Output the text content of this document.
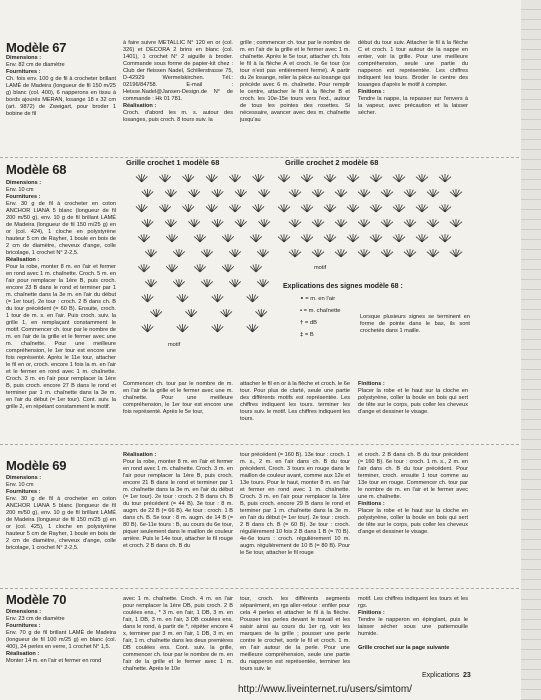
Modèle 67
Dimensions :
Env. 82 cm de diamètre
Fournitures :
Ch. fois env. 100 g de fil à crocheter brillant LAMÉ de Madeira (longueur de fil 150 m/25 g) blanc (col. 400), 6 napperons en tissu à bords ajourés MERAN, losange 18 x 32 cm (art. 9872) de Zweigart, pour broder 1 bobine de fil
à faire suivre METALLIC N° 120 en or (col. 326) et DECORA 2 brins en blanc (col. 1401), 1 crochet N° 2 aiguille à broder. Commande sous forme de papier-kit chez : Club der fleissen Nadel, Schillerstrasse 75, D-42929 Wermelskirchen. Tél.: 02196/84758. E-mail : Heisse.Nadel@Jansen-Design.de N° de commande : Hk 01 781.
Réalisation :
Croch. d'abord les m. s. autour des losanges, puis croch. 8 tours suiv. la
grille ; commencer ch. tour par le nombre de m. en l'air de la grille et le fermer avec 1 m. chaînette. Après le 5e tour, attacher ch. fois le fil à la flèche A et croch. le 6e tour (ce tour n'est pas entièrement fermé). A partir du 2e losange, relier la pièce au losange qui précède avec 6 m. chaînette. Pour remplir le centre, attacher le fil à la flèche B et croch. les 10e-15e tours vers l'ext., autour de tous les pointes des rosettes. Si nécessaire, avancer avec des m. chaînette jusqu'au
début du tour suiv. Attacher le fil à la flèche C et croch. 1 tour autour de la nappe en entier, voir la grille. Pour une meilleure compréhension, seule une partie du napperon est représentée. Les chiffres indiquent les tours. Broder le centre des losanges d'après le motif à compter.
Finitions :
Tendre la nappe, la repasser sur l'envers à la vapeur, avec précaution et la laisser sécher.
Modèle 68
Dimensions :
Env. 10 cm
Fournitures :
Env. 30 g de fil à crocheter en coton ANCHOR LIANA 5 blanc (longueur de fil 200 m/50 g), env. 10 g de fil brillant LAMÉ de Madeira (longueur de fil 150 m/25 g) en or (col. 424), 1 cloche en polystyrène hauteur 5 cm de Rayher, 1 boule en bois de 2 cm de diamètre, cheveux d'ange, colle bricolage, 1 crochet N° 2-2,5.
Réalisation :
Pour la robe, monter 8 m. en l'air et fermer en rond avec 1 m. chaînette. Croch. 5 m. en l'air pour remplacer la 1ère B, puis croch. encore 23 B dans le rond et terminer par 1 m. chaînette dans la 3e m. en l'air du début (= 1er tour). 2e tour : croch. 2 B dans ch. B du tour précédent (= 60 B). Ensuite, croch. 1 tour de m. s. en l'air. Puis croch. suiv. la grille 1, en remplaçant constamment le motif. Commencer ch. tour par le nombre de m. en l'air de la grille et le fermer avec une m. chaînette. Pour une meilleure compréhension, le 1er tour est encore une fois représenté. Après le 11e tour, attacher le fil en or, croch. encore 1 fois la m. en l'air et le fermer en rond avec 1 m. chaînette. Croch. 3 m. en l'air pour remplacer la 1ère B, puis croch. encore 27 B dans le rond et terminer par 1 m. chaînette dans la 3e m. en l'air du début (= 1er tour). Cont. suiv. la grille 2, en répétant constamment le motif.
Grille crochet 1 modèle 68
motif
Grille crochet 2 modèle 68
motif
Explications des signes modèle 68 :
∘ = m. en l'air
• = m. chaînette
† = dB
‡ = B
Lorsque plusieurs signes se terminent en forme de pointe dans le bas, ils sont crochetés dans 1 maille.
Commencer ch. tour par le nombre de m. en l'air de la grille et le fermer avec une m. chaînette. Pour une meilleure compréhension, le 1er tour est encore une fois représenté. Après le 5e tour,
attacher le fil en or à la flèche et croch. le 6e tour. Pour plus de clarté, seule une partie des différents motifs est représentée. Les chiffres indiquent les tours. terminer les tours suiv. le motif. Les chiffres indiquent les tours.
Finitions :
Placer la robe et le haut sur la cloche en polystyrène, coller la boule en bois qui sert de tête sur le corps, puis coller les cheveux d'ange et dessiner le visage.
Modèle 69
Dimensions :
Env. 10 cm
Fournitures :
Env. 30 g de fil à crocheter en coton ANCHOR LIANA 5 blanc (longueur de fil 200 m/50 g), env. 10 g de fil brillant LAMÉ de Madeira (longueur de fil 150 m/25 g) en or (col. 425), 1 cloche en polystyrène hauteur 5 cm de Rayher, 1 boule en bois de 2 cm de diamètre, cheveux d'ange, colle bricolage, 1 crochet N° 2-2,5.
Réalisation :
Pour la robe, monter 8 m. en l'air et fermer en rond avec 1 m. chaînette. Croch. 3 m. en l'air pour remplacer la 1ère B, puis croch. encore 21 B dans le rond et terminer par 1 m. chaînette dans la 3e m. en l'air du début (= 1er tour). 2e tour : croch. 2 B dans ch. B du tour précédent (= 44 B). 3e tour : 8 m. augm. de 22 B (= 66 B). 4e tour : croch. 1 B dans ch. B. 5e tour : 8 m. augm. de 14 B (= 80 B). 6e-11e tours : B, au cours du 6e tour, piquer seulement dans le maillon de couleur arrière. Puis le 14e tour, attacher le fil rouge et croch. 2 B dans ch. B du
tour précédent (= 160 B). 13e tour : croch. 1 m. s., 2 m. en l'air dans ch. B du tour précédent. Croch. 3 tours en rouge dans le maillon de couleur avant, comme aux 12e et 13e tours. Pour le haut, monter 8 m. en l'air et fermer en rond avec 1 m. chaînette. Croch. 3 m. en l'air pour remplacer la 1ère B, puis croch. encore 29 B dans le rond et terminer par 1 m. chaînette dans la 3e m. en l'air du début (= 1er tour). 2e tour : croch. 2 B dans ch. B (= 60 B). 3e tour : croch. régulièrement 10 fois 2 B dans 1 B (= 70 B). 4e-6e tours : croch. régulièrement 10 m. augm. régulièrement de 10 B (= 80 B). Pour le 5e tour, attacher le fil rouge
et croch. 2 B dans ch. B du tour précédent (= 160 B). 6e tour : croch. 1 m. s., 2 m. en l'air dans ch. B du tour précédent. Pour terminer, croch. ensuite 1 tour comme au 13e tour en rouge. Commencer ch. tour par le nombre de m. en l'air et le fermer avec une m. chaînette.
Finitions :
Placer la robe et le haut sur la cloche en polystyrène, coller la boule en bois qui sert de tête sur le corps, puis coller les cheveux d'ange et dessiner le visage.
Modèle 70
Dimensions :
Env. 23 cm de diamètre
Fournitures :
Env. 70 g de fil brillant LAMÉ de Madeira (longueur de fil 100 m/25 g) en blanc (col. 400), 24 perles en verre, 1 crochet N° 1,5.
Réalisation :
Monter 14 m. en l'air et fermer en rond
avec 1 m. chaînette. Croch. 4 m. en l'air pour remplacer la 1ère DB, puis croch. 2 B coulées ens., * 3 m. en l'air, 1 DB, 3 m. en l'air, 1 DB, 3 m. en l'air, 3 DB coulées ens. dans le rond, à partir de *, répéter encore 4 x, terminer par 3 m. en l'air, 1 DB, 3 m. en l'air, 1 m. chaînette dans les deux premières DB coulées ens. Cont. suiv. la grille, commencer ch. tour par le nombre de m. en l'air de la grille et le fermer avec 1 m. chaînette. Après le 10e
tour, croch. les différents segments séparément, en rgs aller-retour : enfiler pour cela 4 perles et attacher le fil à la flèche. Pousser les perles devant le travail et les saisir ainsi au cours du 1er rg, voir les marques de la grille ; pousser une perle contre le crochet, sortir le fil et croch. 1 m. en l'air autour de la perle. Pour une meilleure compréhension, seule une partie du napperon est représentée, terminer les tours suiv. le
motif. Les chiffres indiquent les tours et les rgs.
Finitions :
Tendre le napperon en épinglant, puis le laisser sécher sous une pattemouille humide.

Grille crochet sur la page suivante
Explications 23
http://www.liveinternet.ru/users/simtom/
